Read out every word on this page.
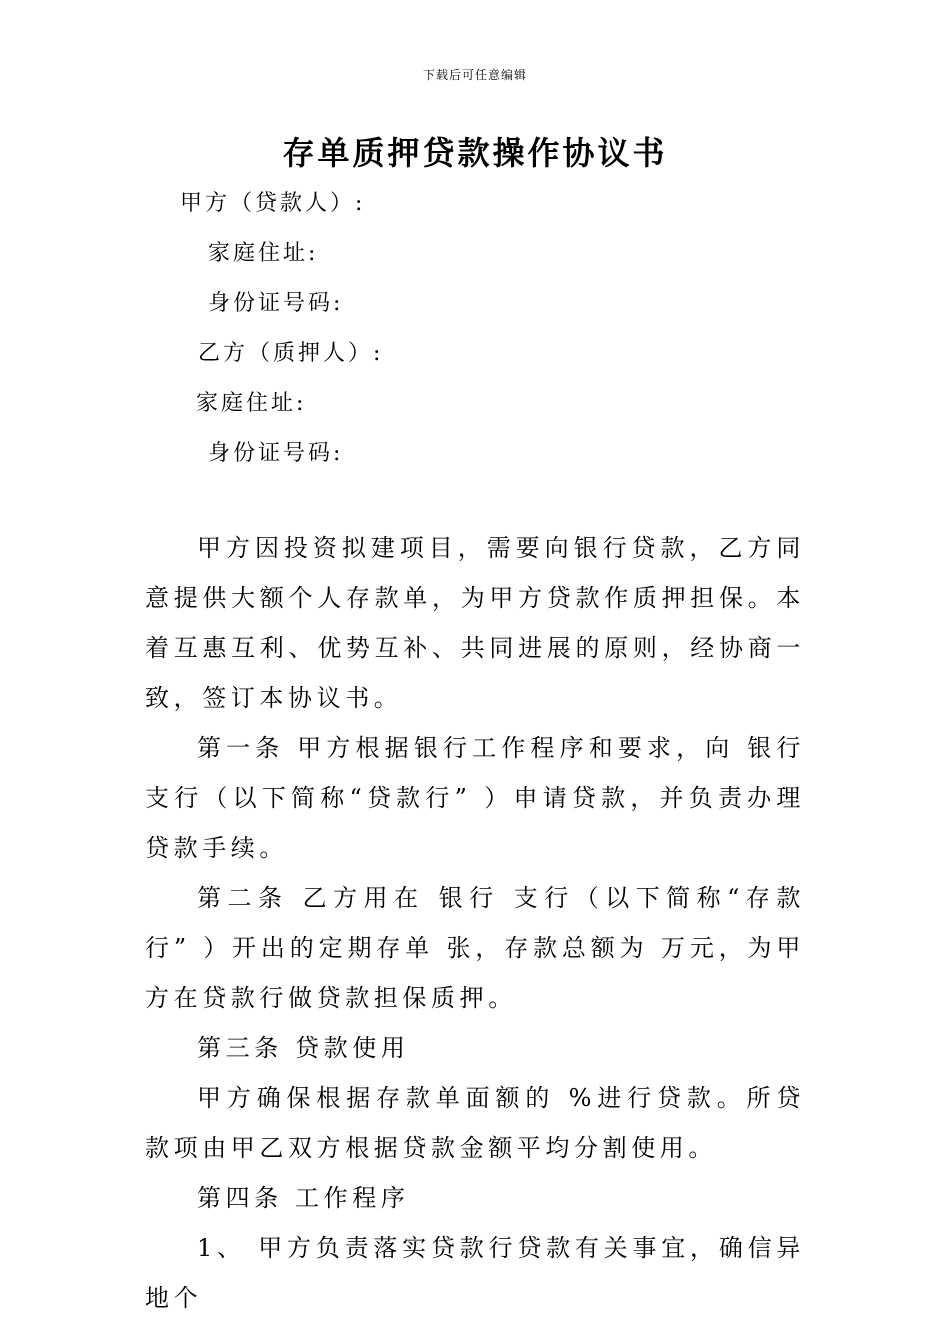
下载后可任意编辑
存单质押贷款操作协议书
甲方（贷款人）:
家庭住址:
身份证号码:
乙方（质押人）:
家庭住址:
身份证号码:

甲方因投资拟建项目，需要向银行贷款，乙方同意提供大额个人存款单，为甲方贷款作质押担保。本着互惠互利、优势互补、共同进展的原则，经协商一致，签订本协议书。

第一条 甲方根据银行工作程序和要求，向 银行 支行（以下简称“贷款行” ）申请贷款，并负责办理贷款手续。

第二条 乙方用在 银行 支行（以下简称“存款行” ）开出的定期存单 张，存款总额为 万元，为甲方在贷款行做贷款担保质押。

第三条 贷款使用

甲方确保根据存款单面额的 %进行贷款。所贷款项由甲乙双方根据贷款金额平均分割使用。

第四条 工作程序

1、 甲方负责落实贷款行贷款有关事宜，确信异地个
